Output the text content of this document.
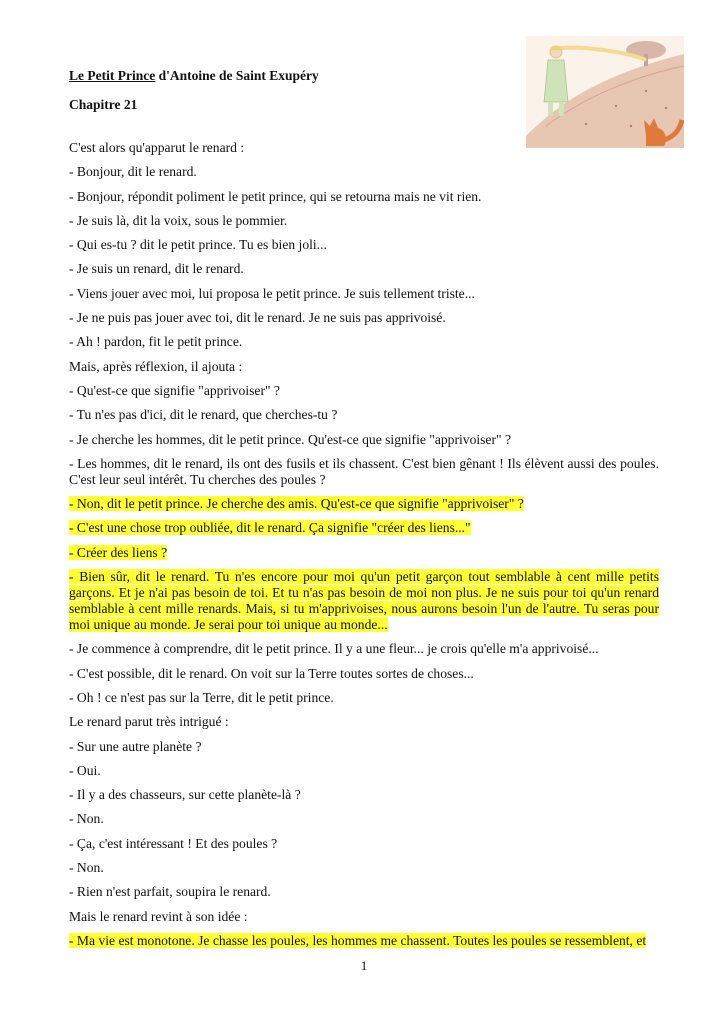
Le Petit Prince d'Antoine de Saint Exupéry
Chapitre 21

C'est alors qu'apparut le renard :

- Bonjour, dit le renard.

- Bonjour, répondit poliment le petit prince, qui se retourna mais ne vit rien.

- Je suis là, dit la voix, sous le pommier.

- Qui es-tu ? dit le petit prince. Tu es bien joli...

- Je suis un renard, dit le renard.

- Viens jouer avec moi, lui proposa le petit prince. Je suis tellement triste...

- Je ne puis pas jouer avec toi, dit le renard. Je ne suis pas apprivoisé.

- Ah ! pardon, fit le petit prince.

Mais, après réflexion, il ajouta :

- Qu'est-ce que signifie "apprivoiser" ?

- Tu n'es pas d'ici, dit le renard, que cherches-tu ?

- Je cherche les hommes, dit le petit prince. Qu'est-ce que signifie "apprivoiser" ?

- Les hommes, dit le renard, ils ont des fusils et ils chassent. C'est bien gênant ! Ils élèvent aussi des poules. C'est leur seul intérêt. Tu cherches des poules ?

- Non, dit le petit prince. Je cherche des amis. Qu'est-ce que signifie "apprivoiser" ?

- C'est une chose trop oubliée, dit le renard. Ça signifie "créer des liens..."

- Créer des liens ?

- Bien sûr, dit le renard. Tu n'es encore pour moi qu'un petit garçon tout semblable à cent mille petits garçons. Et je n'ai pas besoin de toi. Et tu n'as pas besoin de moi non plus. Je ne suis pour toi qu'un renard semblable à cent mille renards. Mais, si tu m'apprivoises, nous aurons besoin l'un de l'autre. Tu seras pour moi unique au monde. Je serai pour toi unique au monde...

- Je commence à comprendre, dit le petit prince. Il y a une fleur... je crois qu'elle m'a apprivoisé...

- C'est possible, dit le renard. On voit sur la Terre toutes sortes de choses...

- Oh ! ce n'est pas sur la Terre, dit le petit prince.

Le renard parut très intrigué :

- Sur une autre planète ?

- Oui.

- Il y a des chasseurs, sur cette planète-là ?

- Non.

- Ça, c'est intéressant ! Et des poules ?

- Non.

- Rien n'est parfait, soupira le renard.

Mais le renard revint à son idée :

- Ma vie est monotone. Je chasse les poules, les hommes me chassent. Toutes les poules se ressemblent, et

1
